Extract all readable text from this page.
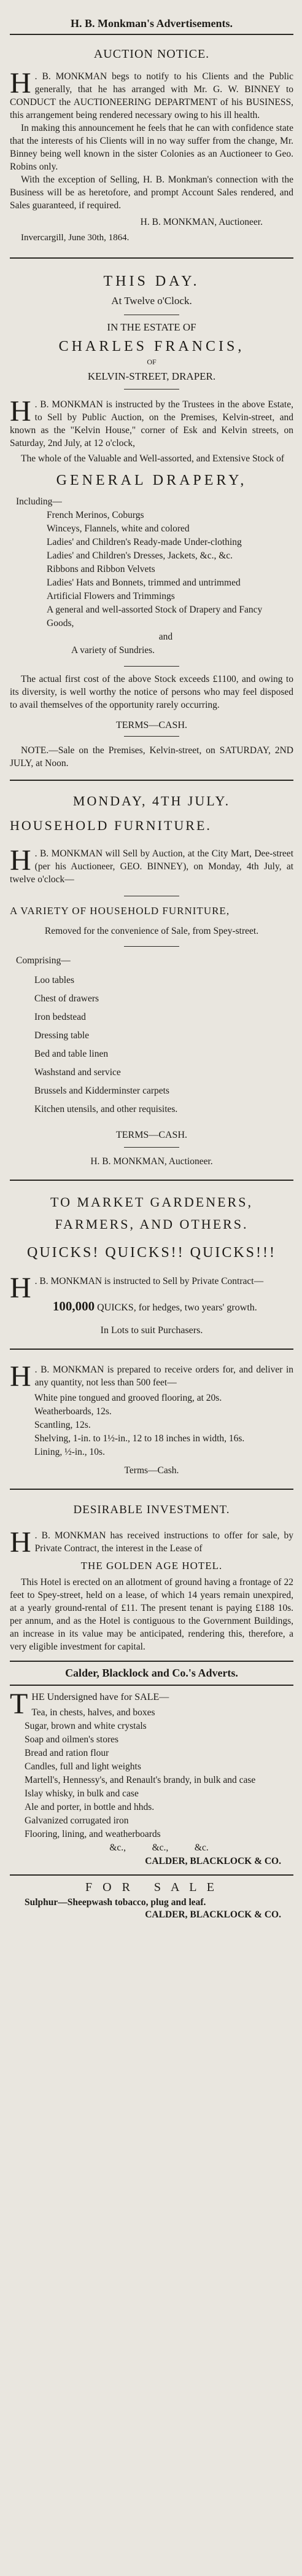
H. B. Monkman's Advertisements.
AUCTION NOTICE.

H . B. MONKMAN begs to notify to his Clients and the Public generally, that he has arranged with Mr. G. W. BINNEY to CONDUCT the AUCTIONEERING DEPARTMENT of his BUSINESS, this arrangement being rendered necessary owing to his ill health.

In making this announcement he feels that he can with confidence state that the interests of his Clients will in no way suffer from the change, Mr. Binney being well known in the sister Colonies as an Auctioneer to Geo. Robins only.

With the exception of Selling, H. B. Monkman's connection with the Business will be as heretofore, and prompt Account Sales rendered, and Sales guaranteed, if required.

H. B. MONKMAN, Auctioneer.
Invercargill, June 30th, 1864.
THIS DAY.
At Twelve o'Clock.
IN THE ESTATE OF
CHARLES FRANCIS,
OF
KELVIN-STREET, DRAPER.

H . B. MONKMAN is instructed by the Trustees in the above Estate, to Sell by Public Auction, on the Premises, Kelvin-street, and known as the "Kelvin House," corner of Esk and Kelvin streets, on Saturday, 2nd July, at 12 o'clock,

The whole of the Valuable and Well-assorted, and Extensive Stock of

GENERAL DRAPERY,
Including—
French Merinos, Coburgs
Winceys, Flannels, white and colored
Ladies' and Children's Ready-made Under-clothing
Ladies' and Children's Dresses, Jackets, &c., &c.
Ribbons and Ribbon Velvets
Ladies' Hats and Bonnets, trimmed and untrimmed
Artificial Flowers and Trimmings
A general and well-assorted Stock of Drapery and Fancy Goods,
and
A variety of Sundries.

The actual first cost of the above Stock exceeds £1100, and owing to its diversity, is well worthy the notice of persons who may feel disposed to avail themselves of the opportunity rarely occurring.

TERMS—CASH.

NOTE.—Sale on the Premises, Kelvin-street, on SATURDAY, 2ND JULY, at Noon.

MONDAY, 4TH JULY.
HOUSEHOLD FURNITURE.

H . B. MONKMAN will Sell by Auction, at the City Mart, Dee-street (per his Auctioneer, GEO. BINNEY), on Monday, 4th July, at twelve o'clock—

A VARIETY OF HOUSEHOLD FURNITURE,
Removed for the convenience of Sale, from Spey-street.
Comprising—
Loo tables
Chest of drawers
Iron bedstead
Dressing table
Bed and table linen
Washstand and service
Brussels and Kidderminster carpets
Kitchen utensils, and other requisites.
TERMS—CASH.
H. B. MONKMAN, Auctioneer.
TO MARKET GARDENERS,
FARMERS, AND OTHERS.
QUICKS! QUICKS!! QUICKS!!!

H . B. MONKMAN is instructed to Sell by Private Contract—

100,000 QUICKS, for hedges, two years' growth.
In Lots to suit Purchasers.

H . B. MONKMAN is prepared to receive orders for, and deliver in any quantity, not less than 500 feet—

White pine tongued and grooved flooring, at 20s.
Weatherboards, 12s.
Scantling, 12s.
Shelving, 1-in. to 1½-in., 12 to 18 inches in width, 16s.
Lining, ½-in., 10s.
Terms—Cash.
DESIRABLE INVESTMENT.

H . B. MONKMAN has received instructions to offer for sale, by Private Contract, the interest in the Lease of

THE GOLDEN AGE HOTEL.

This Hotel is erected on an allotment of ground having a frontage of 22 feet to Spey-street, held on a lease, of which 14 years remain unexpired, at a yearly ground-rental of £11. The present tenant is paying £188 10s. per annum, and as the Hotel is contiguous to the Government Buildings, an increase in its value may be anticipated, rendering this, therefore, a very eligible investment for capital.

Calder, Blacklock and Co.'s Adverts.

THE Undersigned have for SALE—

Tea, in chests, halves, and boxes
Sugar, brown and white crystals
Soap and oilmen's stores
Bread and ration flour
Candles, full and light weights
Martell's, Hennessy's, and Renault's brandy, in bulk and case
Islay whisky, in bulk and case
Ale and porter, in bottle and hhds.
Galvanized corrugated iron
Flooring, lining, and weatherboards
&c.,           &c.,           &c.
CALDER, BLACKLOCK & CO.
F O R   S A L E
Sulphur—Sheepwash tobacco, plug and leaf.
CALDER, BLACKLOCK & CO.
